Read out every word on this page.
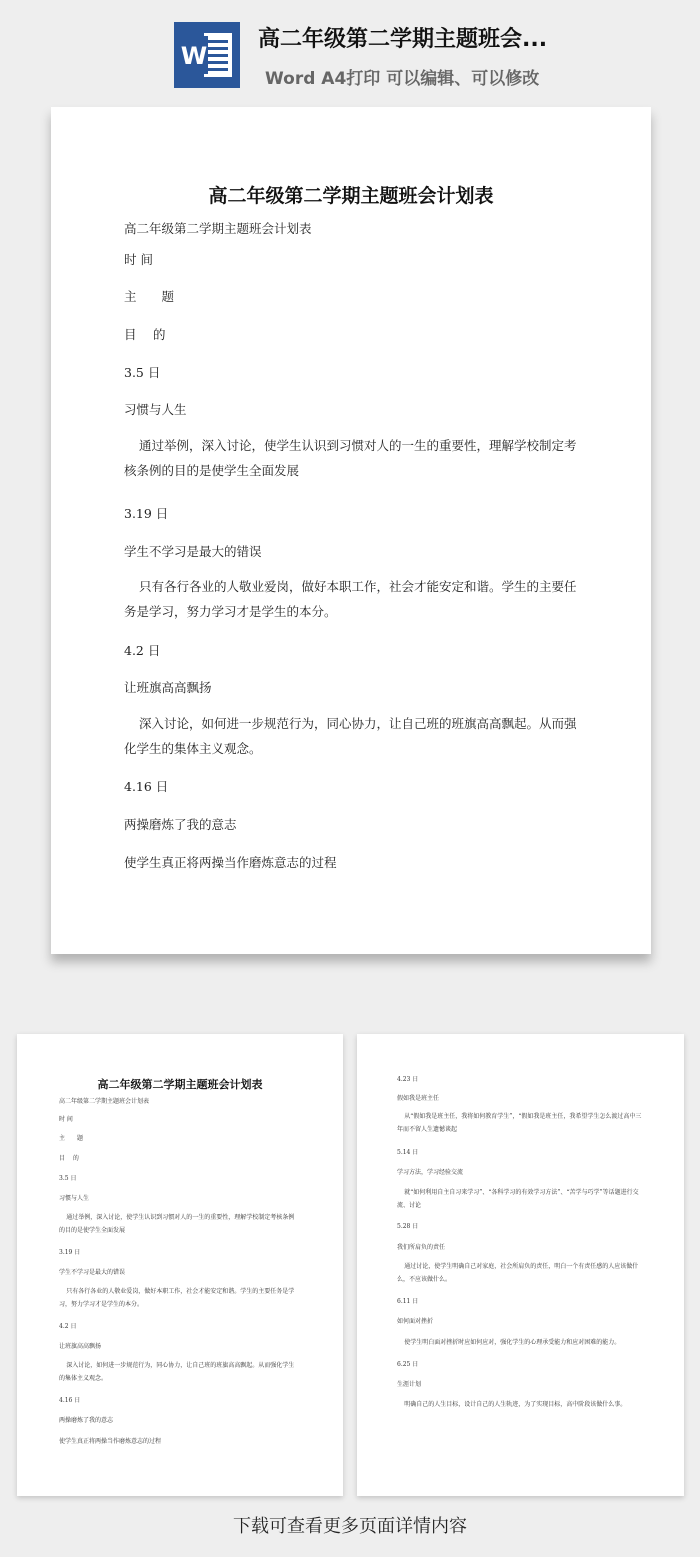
W
高二年级第二学期主题班会...
Word A4打印 可以编辑、可以修改
高二年级第二学期主题班会计划表
高二年级第二学期主题班会计划表
时 间
主　　题
目　 的
3.5 日
习惯与人生
通过举例，深入讨论，使学生认识到习惯对人的一生的重要性，理解学校制定考核条例的目的是使学生全面发展
3.19 日
学生不学习是最大的错误
只有各行各业的人敬业爱岗，做好本职工作，社会才能安定和谐。学生的主要任务是学习，努力学习才是学生的本分。
4.2 日
让班旗高高飘扬
深入讨论，如何进一步规范行为，同心协力，让自己班的班旗高高飘起。从而强化学生的集体主义观念。
4.16 日
两操磨炼了我的意志
使学生真正将两操当作磨炼意志的过程
高二年级第二学期主题班会计划表
高二年级第二学期主题班会计划表
时 间
主　　题
目　 的
3.5 日
习惯与人生
通过举例，深入讨论，使学生认识到习惯对人的一生的重要性，理解学校制定考核条例的目的是使学生全面发展
3.19 日
学生不学习是最大的错误
只有各行各业的人敬业爱岗，做好本职工作，社会才能安定和谐。学生的主要任务是学习，努力学习才是学生的本分。
4.2 日
让班旗高高飘扬
深入讨论，如何进一步规范行为，同心协力，让自己班的班旗高高飘起。从而强化学生的集体主义观念。
4.16 日
两操磨炼了我的意志
使学生真正将两操当作磨炼意志的过程
4.23 日
假如我是班主任
从“假如我是班主任，我将如何教育学生”，“假如我是班主任，我希望学生怎么渡过高中三年而不留人生遗憾谈起
5.14 日
学习方法，学习经验交流
就“如何利用自主自习来学习”、“各科学习的有效学习方法”、“苦学与巧学”等话题进行交流、讨论
5.28 日
我们所肩负的责任
通过讨论，使学生明确自己对家庭，社会所肩负的责任，明白一个有责任感的人应该做什么，不应该做什么。
6.11 日
如何面对挫折
使学生明白面对挫折时应如何应对，强化学生的心理承受能力和应对困难的能力。
6.25 日
生涯计划
明确自己的人生目标，设计自己的人生轨迹，为了实现目标，高中阶段该做什么事。
下载可查看更多页面详情内容
